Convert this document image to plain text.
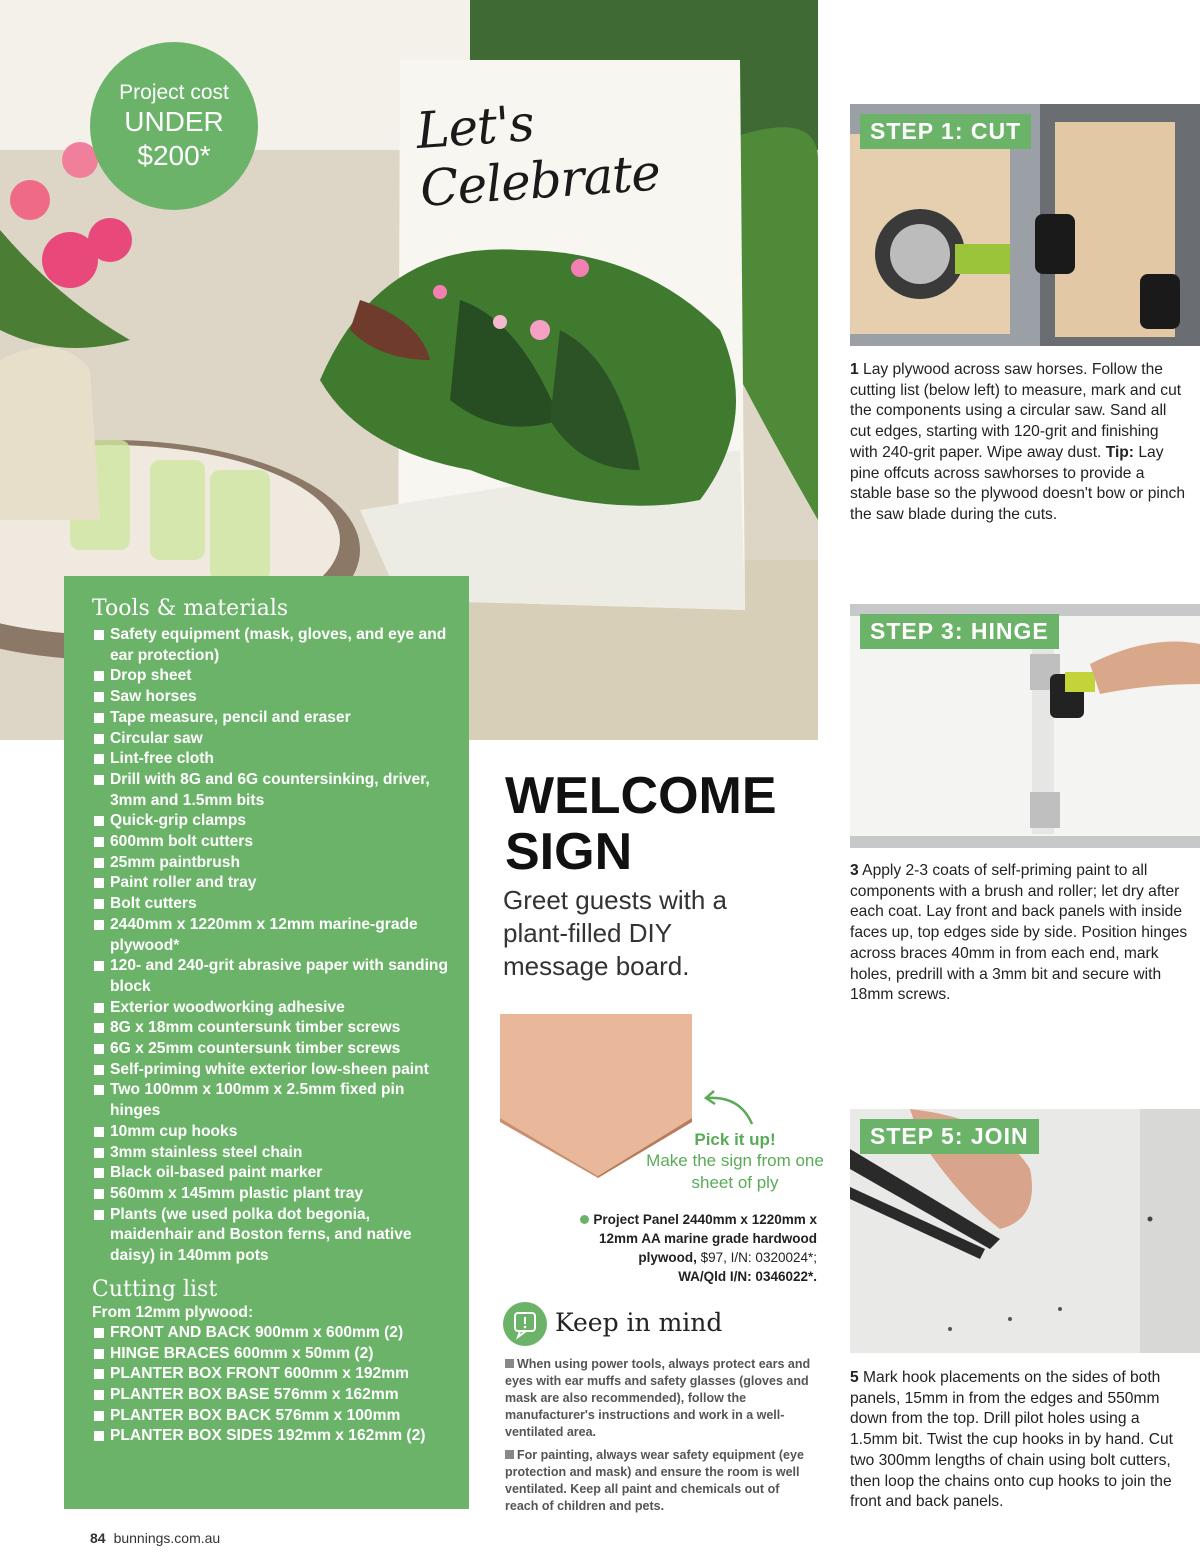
Project cost
UNDER
$200*	Let's Celebrate
Tools & materials
Safety equipment (mask, gloves, and eye and ear protection)
Drop sheet
Saw horses
Tape measure, pencil and eraser
Circular saw
Lint-free cloth
Drill with 8G and 6G countersinking, driver, 3mm and 1.5mm bits
Quick-grip clamps
600mm bolt cutters
25mm paintbrush
Paint roller and tray
Bolt cutters
2440mm x 1220mm x 12mm marine-grade plywood*
120- and 240-grit abrasive paper with sanding block
Exterior woodworking adhesive
8G x 18mm countersunk timber screws
6G x 25mm countersunk timber screws
Self-priming white exterior low-sheen paint
Two 100mm x 100mm x 2.5mm fixed pin hinges
10mm cup hooks
3mm stainless steel chain
Black oil-based paint marker
560mm x 145mm plastic plant tray
Plants (we used polka dot begonia, maidenhair and Boston ferns, and native daisy) in 140mm pots
Cutting list
From 12mm plywood:
FRONT AND BACK 900mm x 600mm (2)
HINGE BRACES 600mm x 50mm (2)
PLANTER BOX FRONT 600mm x 192mm
PLANTER BOX BASE 576mm x 162mm
PLANTER BOX BACK 576mm x 100mm
PLANTER BOX SIDES 192mm x 162mm (2)
WELCOME
SIGN
Greet guests with a plant-filled DIY message board.
Pick it up!
Make the sign from one sheet of ply
Project Panel 2440mm x 1220mm x 12mm AA marine grade hardwood plywood, $97, I/N: 0320024*;
WA/Qld I/N: 0346022*.
Keep in mind

When using power tools, always protect ears and eyes with ear muffs and safety glasses (gloves and mask are also recommended), follow the manufacturer's instructions and work in a well-ventilated area.

For painting, always wear safety equipment (eye protection and mask) and ensure the room is well ventilated. Keep all paint and chemicals out of reach of children and pets.

STEP 1: CUT
1 Lay plywood across saw horses. Follow the cutting list (below left) to measure, mark and cut the components using a circular saw. Sand all cut edges, starting with 120-grit and finishing with 240-grit paper. Wipe away dust. Tip: Lay pine offcuts across sawhorses to provide a stable base so the plywood doesn't bow or pinch the saw blade during the cuts.
STEP 3: HINGE
3 Apply 2-3 coats of self-priming paint to all components with a brush and roller; let dry after each coat. Lay front and back panels with inside faces up, top edges side by side. Position hinges across braces 40mm in from each end, mark holes, predrill with a 3mm bit and secure with 18mm screws.
STEP 5: JOIN
5 Mark hook placements on the sides of both panels, 15mm in from the edges and 550mm down from the top. Drill pilot holes using a 1.5mm bit. Twist the cup hooks in by hand. Cut two 300mm lengths of chain using bolt cutters, then loop the chains onto cup hooks to join the front and back panels.
84 bunnings.com.au
